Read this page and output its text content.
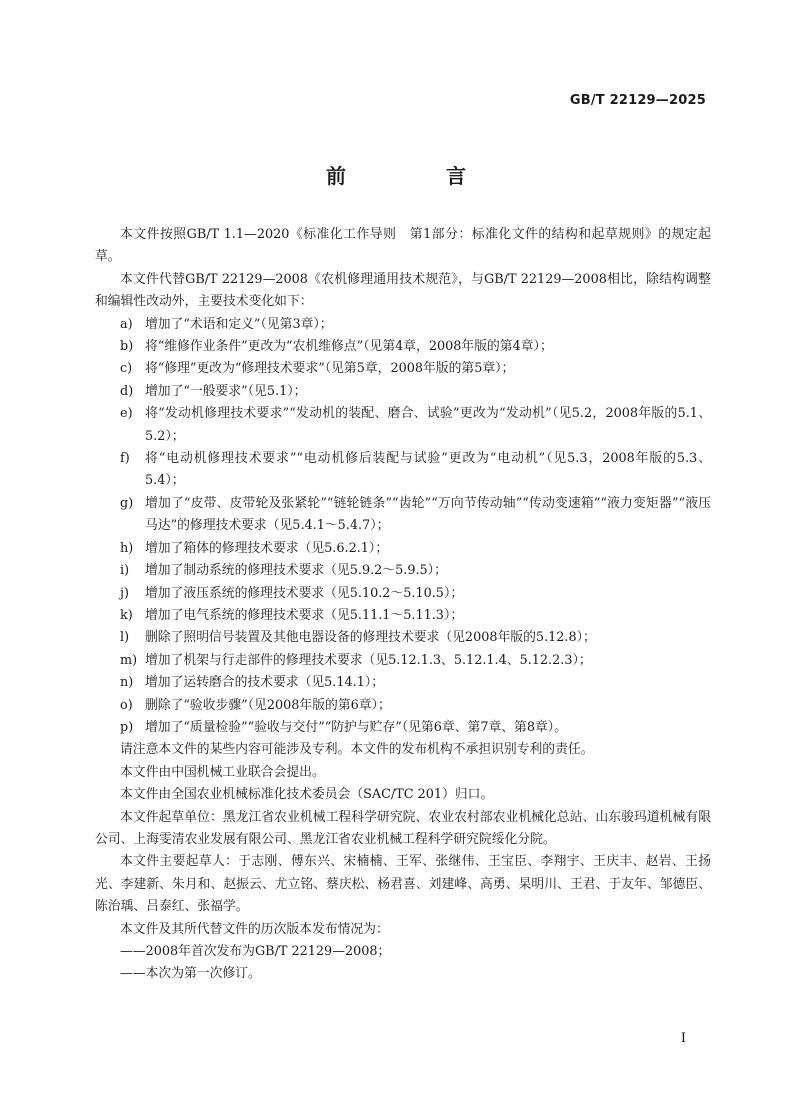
GB/T 22129—2025
前　言

本文件按照GB/T 1.1—2020《标准化工作导则　第1部分：标准化文件的结构和起草规则》的规定起草。

本文件代替GB/T 22129—2008《农机修理通用技术规范》，与GB/T 22129—2008相比，除结构调整和编辑性改动外，主要技术变化如下：

a) 增加了“术语和定义”（见第3章）；
b) 将“维修作业条件”更改为“农机维修点”（见第4章，2008年版的第4章）；
c)	将“修理”更改为“修理技术要求”（见第5章，2008年版的第5章）；
d) 增加了“一般要求”（见5.1）；
e) 将“发动机修理技术要求”“发动机的装配、磨合、试验”更改为“发动机”（见5.2，2008年版的5.1、5.2）；
f)	将“电动机修理技术要求”“电动机修后装配与试验”更改为“电动机”（见5.3，2008年版的5.3、5.4）；
g) 增加了“皮带、皮带轮及张紧轮”“链轮链条”“齿轮”“万向节传动轴”“传动变速箱”“液力变矩器”“液压马达”的修理技术要求（见5.4.1～5.4.7）；
h) 增加了箱体的修理技术要求（见5.6.2.1）；
i)	增加了制动系统的修理技术要求（见5.9.2～5.9.5）；
j)	增加了液压系统的修理技术要求（见5.10.2～5.10.5）；
k) 增加了电气系统的修理技术要求（见5.11.1～5.11.3）；
l)	删除了照明信号装置及其他电器设备的修理技术要求（见2008年版的5.12.8）；
m) 增加了机架与行走部件的修理技术要求（见5.12.1.3、5.12.1.4、5.12.2.3）；
n) 增加了运转磨合的技术要求（见5.14.1）；
o) 删除了“验收步骤”（见2008年版的第6章）；
p) 增加了“质量检验”“验收与交付”“防护与贮存”（见第6章、第7章、第8章）。

请注意本文件的某些内容可能涉及专利。本文件的发布机构不承担识别专利的责任。

本文件由中国机械工业联合会提出。

本文件由全国农业机械标准化技术委员会（SAC/TC 201）归口。

本文件起草单位：黑龙江省农业机械工程科学研究院、农业农村部农业机械化总站、山东骏玛道机械有限公司、上海雯清农业发展有限公司、黑龙江省农业机械工程科学研究院绥化分院。

本文件主要起草人：于志刚、傅东兴、宋楠楠、王军、张继伟、王宝臣、李翔宇、王庆丰、赵岩、王扬光、李建新、朱月和、赵振云、尤立铭、蔡庆松、杨君喜、刘建峰、高勇、杲明川、王君、于友年、邹德臣、陈治瑀、吕泰红、张福学。

本文件及其所代替文件的历次版本发布情况为：

——2008年首次发布为GB/T 22129—2008；

——本次为第一次修订。

I
